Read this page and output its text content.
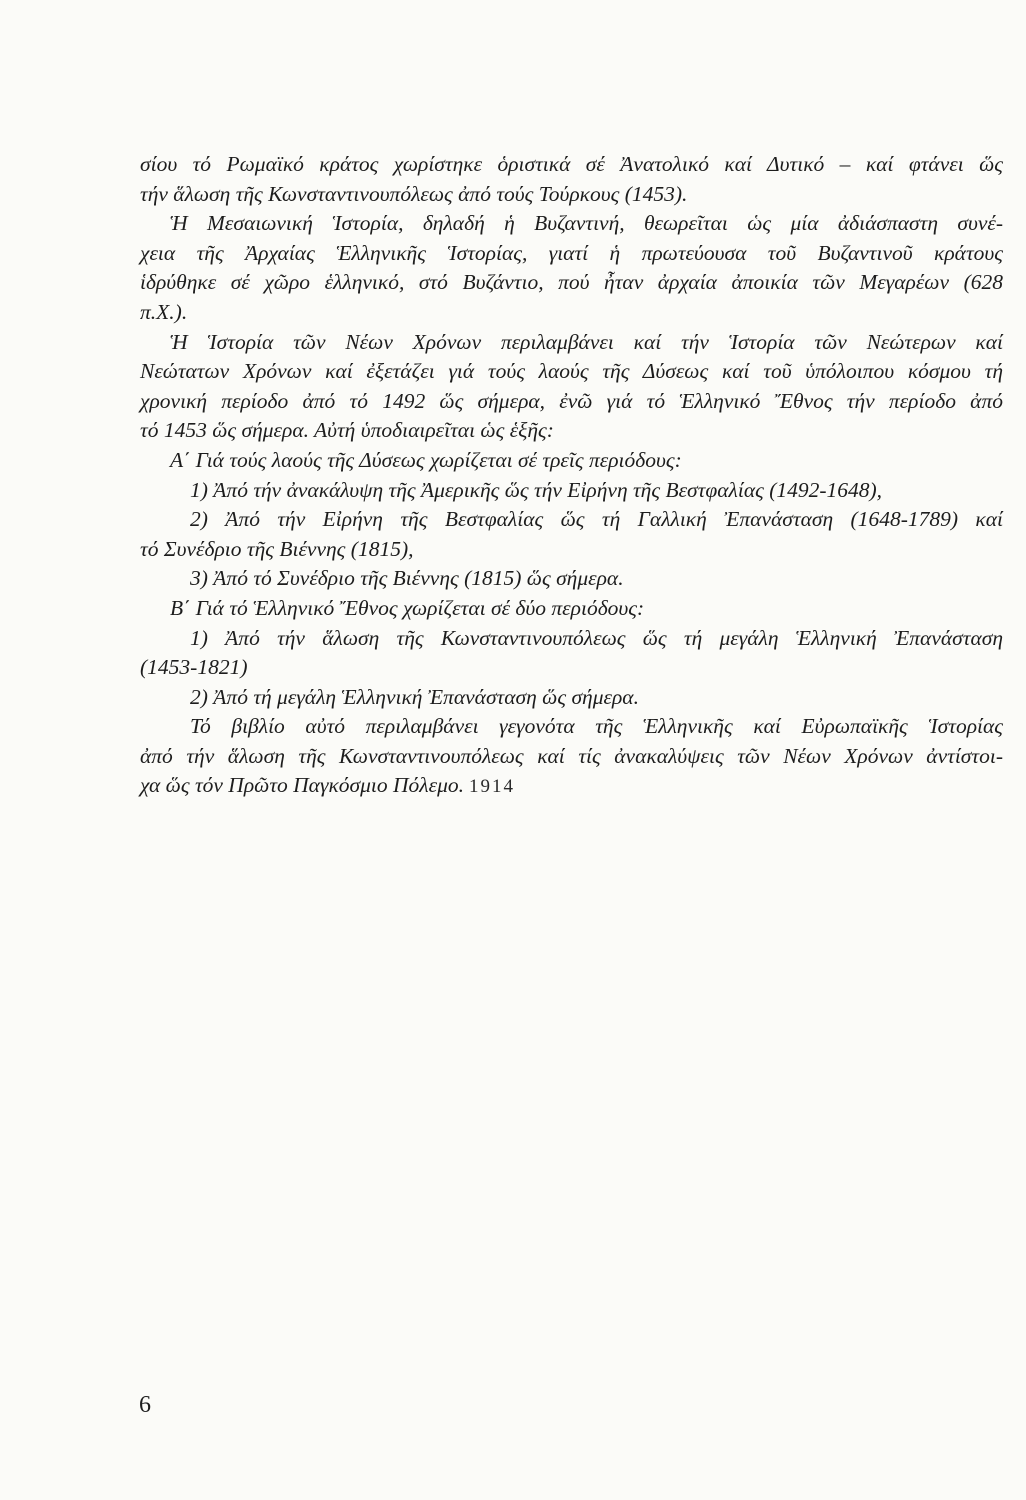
σίου τό Ρωμαϊκό κράτος χωρίστηκε ὁριστικά σέ Ἀνατολικό καί Δυτικό – καί φτάνει ὥς
τήν ἅλωση τῆς Κωνσταντινουπόλεως ἀπό τούς Τούρκους (1453).
Ἡ Μεσαιωνική Ἱστορία, δηλαδή ἡ Βυζαντινή, θεωρεῖται ὡς μία ἀδιάσπαστη συνέ-
χεια τῆς Ἀρχαίας Ἑλληνικῆς Ἱστορίας, γιατί ἡ πρωτεύουσα τοῦ Βυζαντινοῦ κράτους
ἱδρύθηκε σέ χῶρο ἑλληνικό, στό Βυζάντιο, πού ἦταν ἀρχαία ἀποικία τῶν Μεγαρέων (628
π.Χ.).
Ἡ Ἱστορία τῶν Νέων Χρόνων περιλαμβάνει καί τήν Ἱστορία τῶν Νεώτερων καί
Νεώτατων Χρόνων καί ἐξετάζει γιά τούς λαούς τῆς Δύσεως καί τοῦ ὑπόλοιπου κόσμου τή
χρονική περίοδο ἀπό τό 1492 ὥς σήμερα, ἐνῶ γιά τό Ἑλληνικό Ἔθνος τήν περίοδο ἀπό
τό 1453 ὥς σήμερα. Αὐτή ὑποδιαιρεῖται ὡς ἑξῆς:
Α΄ Γιά τούς λαούς τῆς Δύσεως χωρίζεται σέ τρεῖς περιόδους:
1) Ἀπό τήν ἀνακάλυψη τῆς Ἀμερικῆς ὥς τήν Εἰρήνη τῆς Βεστφαλίας (1492-1648),
2) Ἀπό τήν Εἰρήνη τῆς Βεστφαλίας ὥς τή Γαλλική Ἐπανάσταση (1648-1789) καί
τό Συνέδριο τῆς Βιέννης (1815),
3) Ἀπό τό Συνέδριο τῆς Βιέννης (1815) ὥς σήμερα.
Β΄ Γιά τό Ἑλληνικό Ἔθνος χωρίζεται σέ δύο περιόδους:
1) Ἀπό τήν ἅλωση τῆς Κωνσταντινουπόλεως ὥς τή μεγάλη Ἑλληνική Ἐπανάσταση
(1453-1821)
2) Ἀπό τή μεγάλη Ἑλληνική Ἐπανάσταση ὥς σήμερα.
Τό βιβλίο αὐτό περιλαμβάνει γεγονότα τῆς Ἑλληνικῆς καί Εὐρωπαϊκῆς Ἱστορίας
ἀπό τήν ἅλωση τῆς Κωνσταντινουπόλεως καί τίς ἀνακαλύψεις τῶν Νέων Χρόνων ἀντίστοι-
χα ὥς τόν Πρῶτο Παγκόσμιο Πόλεμο. 1914
6
